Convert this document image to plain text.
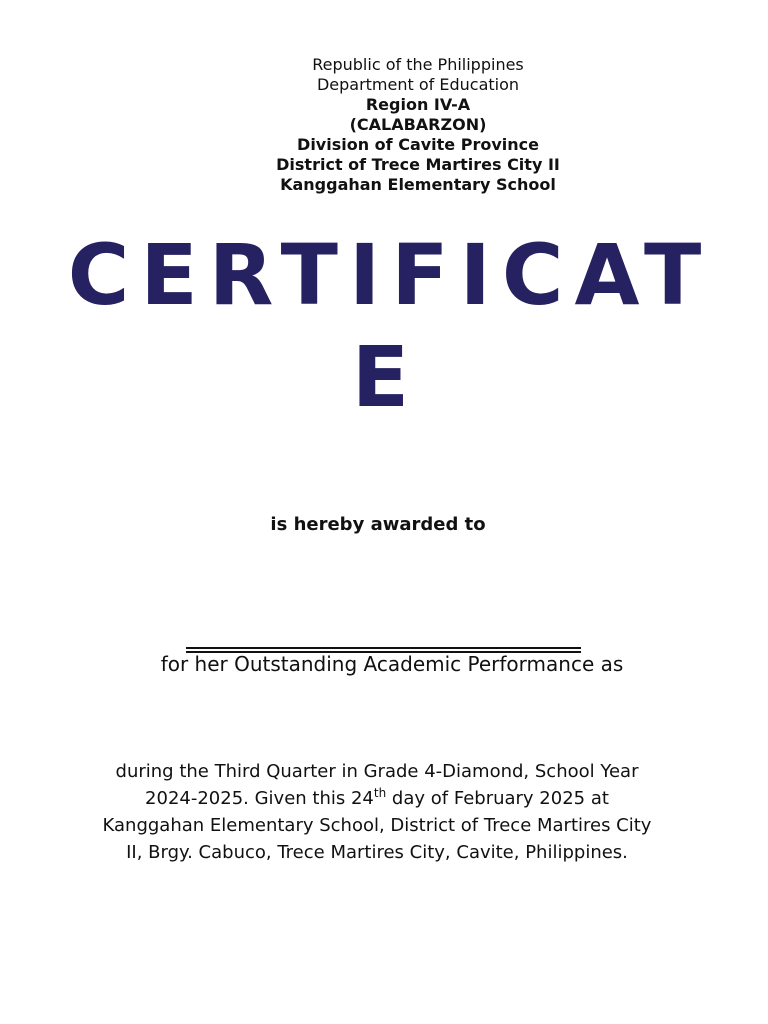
Republic of the Philippines
Department of Education
Region IV-A
(CALABARZON)
Division of Cavite Province
District of Trece Martires City II
Kanggahan Elementary School
CERTIFICAT
E
is hereby awarded to
for her Outstanding Academic Performance as
during the Third Quarter in Grade 4-Diamond, School Year
2024-2025. Given this 24th day of February 2025 at
Kanggahan Elementary School, District of Trece Martires City
II, Brgy. Cabuco, Trece Martires City, Cavite, Philippines.
